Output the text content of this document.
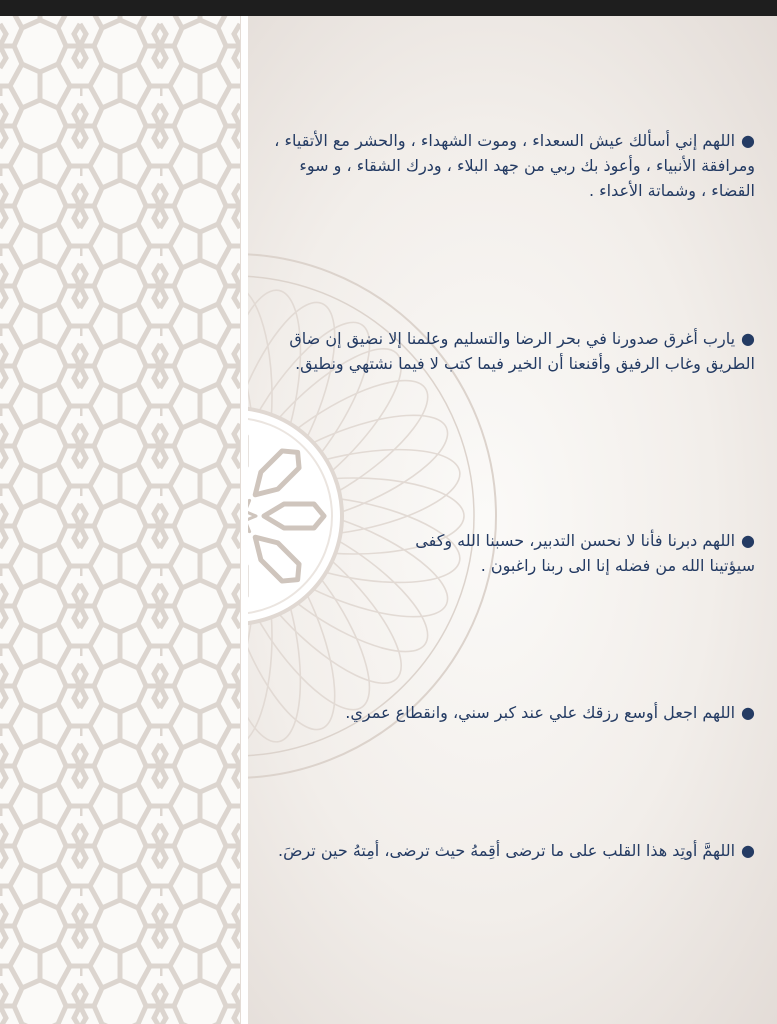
●اللهم إني أسألك عيش السعداء ، وموت الشهداء ، والحشر مع الأتقياء ، ومرافقة الأنبياء ، وأعوذ بك ربي من جهد البلاء ، ودرك الشقاء ، و سوء القضاء ، وشماتة الأعداء .
●يارب أغرق صدورنا في بحر الرضا والتسليم وعلمنا إلا نضيق إن ضاق الطريق وغاب الرفيق وأقنعنا أن الخير فيما كتب لا فيما نشتهي ونطيق.
●اللهم دبرنا فأنا لا نحسن التدبير، حسبنا الله وكفى سيؤتينا الله من فضله إنا الى ربنا راغبون .
●اللهم اجعل أوسع رزقك علي عند كبر سني، وانقطاع عمري.
●اللهمَّ أوتِد هذا القلب على ما ترضى أقِمهُ حيث ترضى، أمِتهُ حين ترضَ.
